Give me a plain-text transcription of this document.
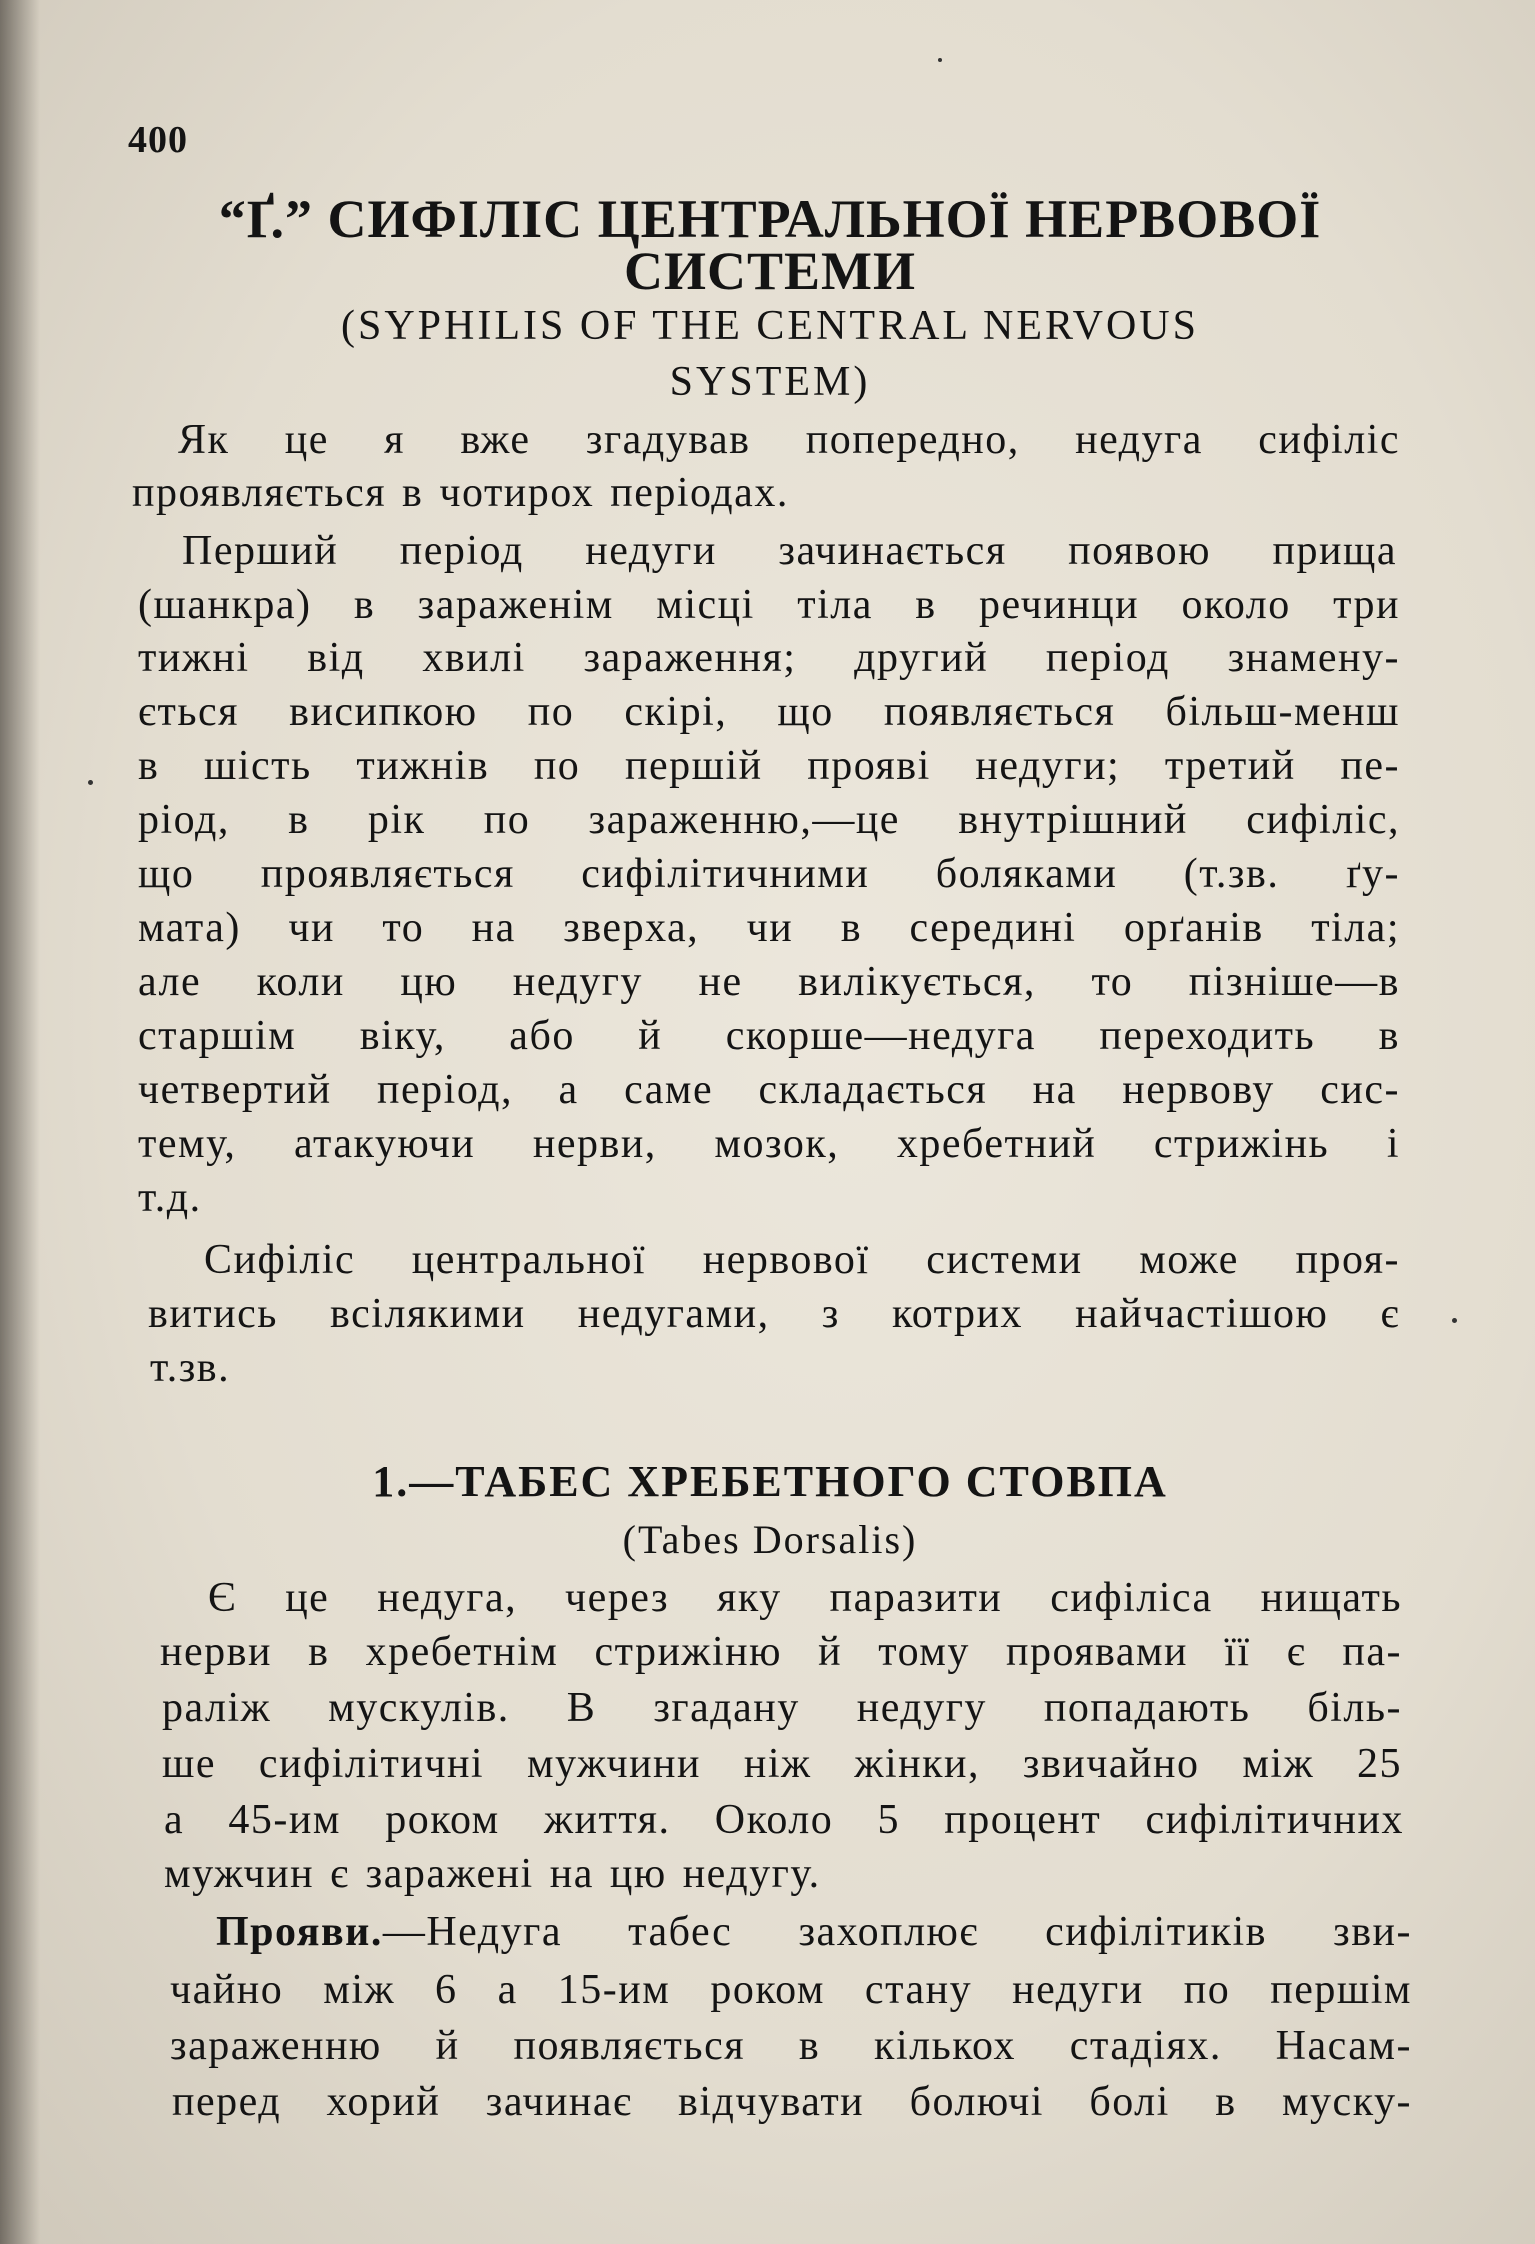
400
“Ґ.” СИФІЛІС ЦЕНТРАЛЬНОЇ НЕРВОВОЇ
СИСТЕМИ
(SYPHILIS OF THE CENTRAL NERVOUS
SYSTEM)
Як це я вже згадував попередно, недуга сифіліс
проявляється в чотирох періодах.
Перший період недуги зачинається появою прища
(шанкра) в зараженім місці тіла в речинци около три
тижні від хвилі зараження; другий період знамену-
ється висипкою по скірі, що появляється більш-менш
в шість тижнів по першій прояві недуги; третий пе-
ріод, в рік по зараженню,—це внутрішний сифіліс,
що проявляється сифілітичними боляками (т.зв. ґу-
мата) чи то на зверха, чи в середині орґанів тіла;
але коли цю недугу не вилікується, то пізніше—в
старшім віку, або й скорше—недуга переходить в
четвертий період, а саме складається на нервову сис-
тему, атакуючи нерви, мозок, хребетний стрижінь і
т.д.
Сифіліс центральної нервової системи може проя-
витись всілякими недугами, з котрих найчастішою є
т.зв.
1.—ТАБЕС ХРЕБЕТНОГО СТОВПА
(Tabes Dorsalis)
Є це недуга, через яку паразити сифіліса нищать
нерви в хребетнім стрижіню й тому проявами її є па-
раліж мускулів. В згадану недугу попадають біль-
ше сифілітичні мужчини ніж жінки, звичайно між 25
а 45-им роком життя. Около 5 процент сифілітичних
мужчин є заражені на цю недугу.
Прояви.—Недуга табес захоплює сифілітиків зви-
чайно між 6 а 15-им роком стану недуги по першім
зараженню й появляється в кількох стадіях. Насам-
перед хорий зачинає відчувати болючі болі в муску-
